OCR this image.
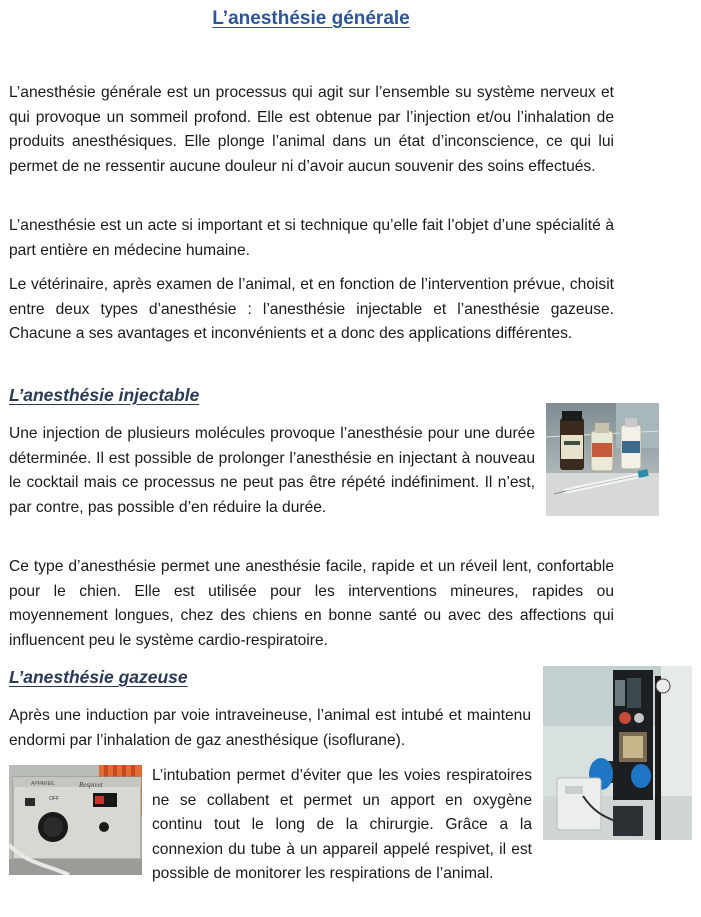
L’anesthésie générale

L’anesthésie générale est un processus qui agit sur l’ensemble su système nerveux et qui provoque un sommeil profond. Elle est obtenue par l’injection et/ou l’inhalation de produits anesthésiques. Elle plonge l’animal dans un état d’inconscience, ce qui lui permet de ne ressentir aucune douleur ni d’avoir aucun souvenir des soins effectués.

L’anesthésie est un acte si important et si technique qu’elle fait l’objet d’une spécialité à part entière en médecine humaine.

Le vétérinaire, après examen de l’animal, et en fonction de l’intervention prévue, choisit entre deux types d’anesthésie : l’anesthésie injectable et l’anesthésie gazeuse. Chacune a ses avantages et inconvénients et a donc des applications différentes.

L’anesthésie injectable

Une injection de plusieurs molécules provoque l’anesthésie pour une durée déterminée. Il est possible de prolonger l’anesthésie en injectant à nouveau le cocktail mais ce processus ne peut pas être répété indéfiniment. Il n’est, par contre, pas possible d’en réduire la durée.

Ce type d’anesthésie permet une anesthésie facile, rapide et un réveil lent, confortable pour le chien. Elle est utilisée pour les interventions mineures, rapides ou moyennement longues, chez des chiens en bonne santé ou avec des affections qui influencent peu le système cardio-respiratoire.

L’anesthésie gazeuse

Après une induction par voie intraveineuse, l’animal est intubé et maintenu endormi par l’inhalation de gaz anesthésique (isoflurane).

APPAREIL	Respivet
OFF

L’intubation permet d’éviter que les voies respiratoires ne se collabent et permet un apport en oxygène continu tout le long de la chirurgie. Grâce a la connexion du tube à un appareil appelé respivet, il est

possible de monitorer les respirations de l’animal.
